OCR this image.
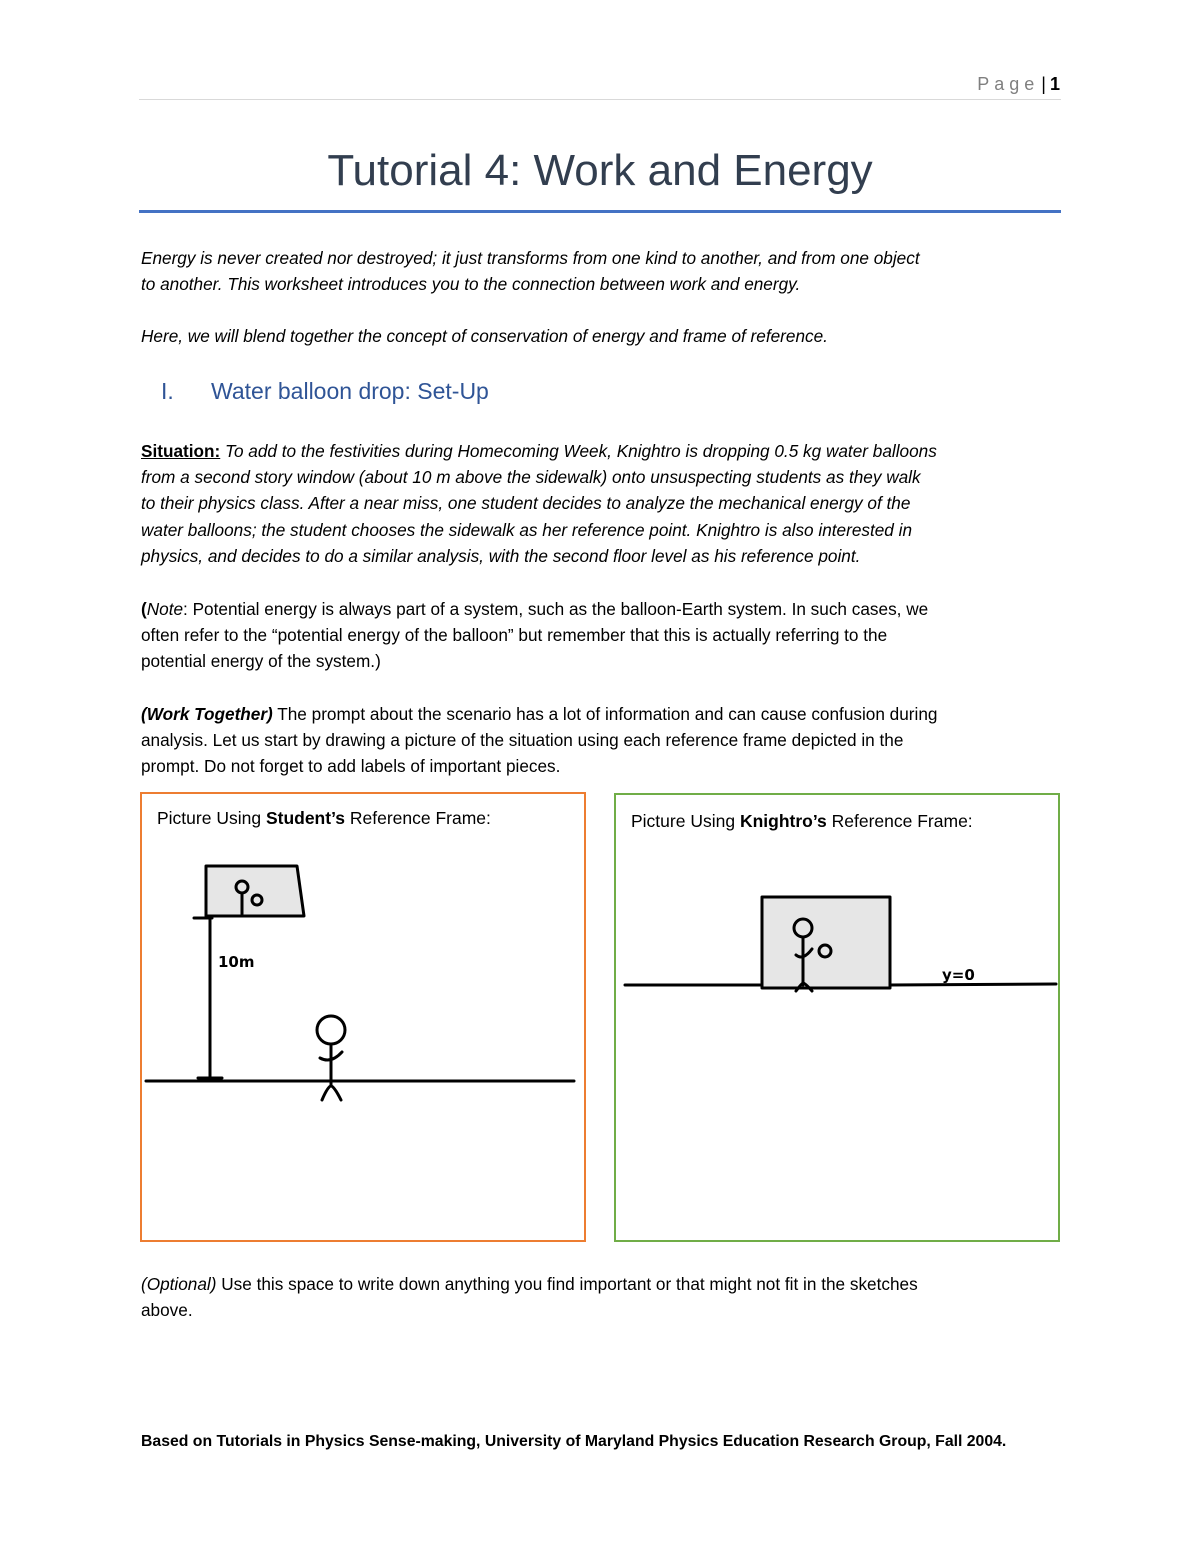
Page | 1
Tutorial 4: Work and Energy

Energy is never created nor destroyed; it just transforms from one kind to another, and from one object
to another. This worksheet introduces you to the connection between work and energy.

Here, we will blend together the concept of conservation of energy and frame of reference.

I. Water balloon drop: Set-Up

Situation: To add to the festivities during Homecoming Week, Knightro is dropping 0.5 kg water balloons
from a second story window (about 10 m above the sidewalk) onto unsuspecting students as they walk
to their physics class. After a near miss, one student decides to analyze the mechanical energy of the
water balloons; the student chooses the sidewalk as her reference point. Knightro is also interested in
physics, and decides to do a similar analysis, with the second floor level as his reference point.

(Note: Potential energy is always part of a system, such as the balloon-Earth system. In such cases, we
often refer to the “potential energy of the balloon” but remember that this is actually referring to the
potential energy of the system.)

(Work Together) The prompt about the scenario has a lot of information and can cause confusion during
analysis. Let us start by drawing a picture of the situation using each reference frame depicted in the
prompt. Do not forget to add labels of important pieces.

10m
Picture Using Student’s Reference Frame:
y=0
Picture Using Knightro’s Reference Frame:

(Optional) Use this space to write down anything you find important or that might not fit in the sketches
above.

Based on Tutorials in Physics Sense-making, University of Maryland Physics Education Research Group, Fall 2004.
